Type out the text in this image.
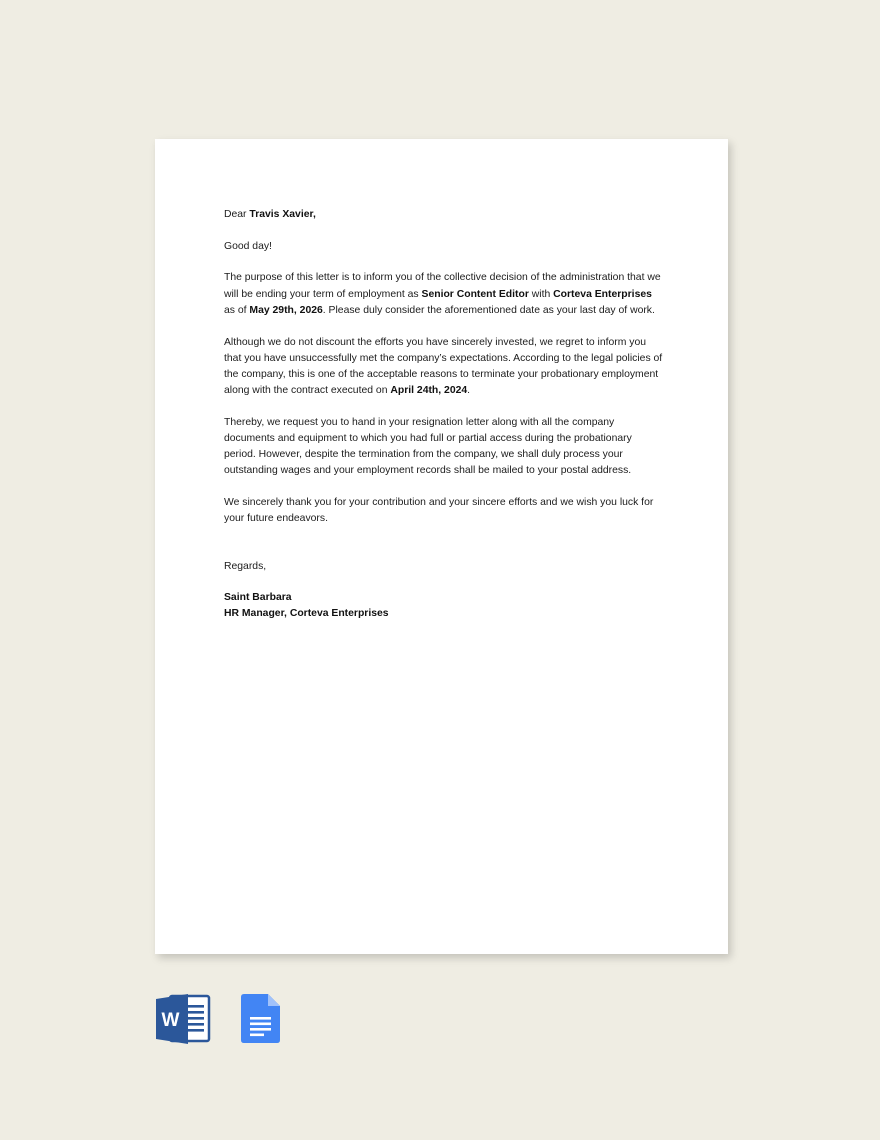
Dear Travis Xavier,

Good day!

The purpose of this letter is to inform you of the collective decision of the administration that we will be ending your term of employment as Senior Content Editor with Corteva Enterprises as of May 29th, 2026. Please duly consider the aforementioned date as your last day of work.

Although we do not discount the efforts you have sincerely invested, we regret to inform you that you have unsuccessfully met the company’s expectations. According to the legal policies of the company, this is one of the acceptable reasons to terminate your probationary employment along with the contract executed on April 24th, 2024.

Thereby, we request you to hand in your resignation letter along with all the company documents and equipment to which you had full or partial access during the probationary period. However, despite the termination from the company, we shall duly process your outstanding wages and your employment records shall be mailed to your postal address.

We sincerely thank you for your contribution and your sincere efforts and we wish you luck for your future endeavors.

Regards,

Saint Barbara
HR Manager, Corteva Enterprises
W
